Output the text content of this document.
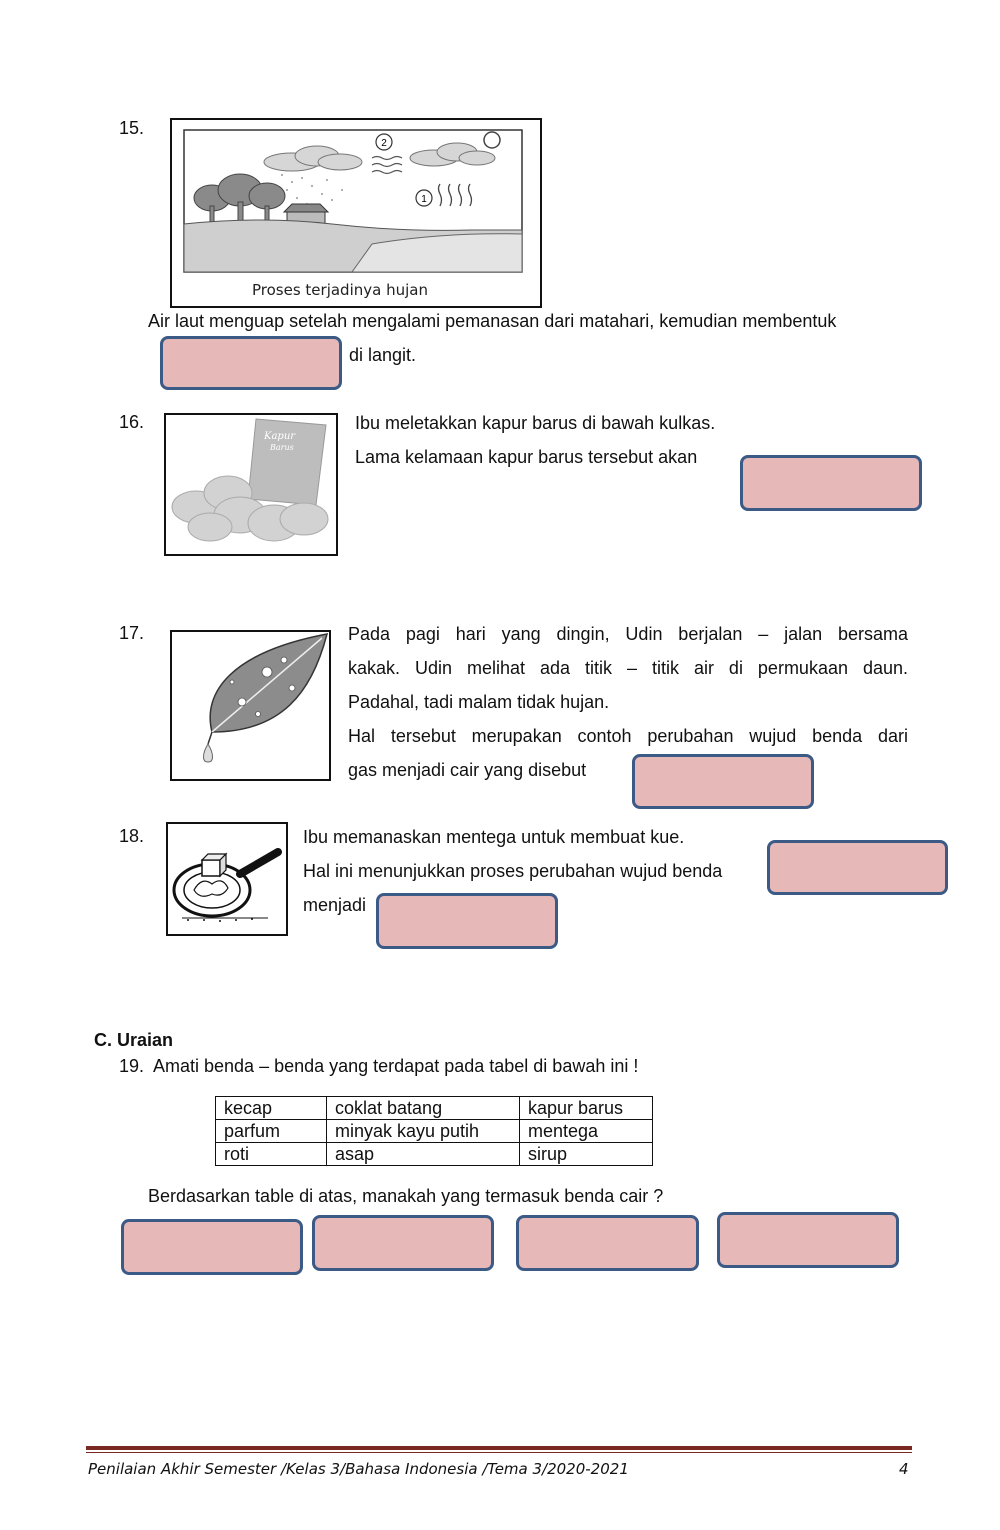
15.
2
1
Proses terjadinya hujan
Air laut menguap setelah mengalami pemanasan dari matahari, kemudian membentuk
di langit.
16.
Kapur
Barus
Ibu meletakkan kapur barus di bawah kulkas.
Lama kelamaan kapur barus tersebut akan
17.	Pada pagi hari yang dingin, Udin berjalan – jalan bersama
kakak. Udin melihat ada titik – titik air di permukaan daun.
Padahal, tadi malam tidak hujan.
Hal tersebut merupakan contoh perubahan wujud benda dari
gas menjadi cair yang disebut
18.	Ibu memanaskan mentega untuk membuat kue.
Hal ini menunjukkan proses perubahan wujud benda
menjadi
C. Uraian
19. Amati benda – benda yang terdapat pada tabel di bawah ini !
kecap	coklat batang	kapur barus
parfum	minyak kayu putih	mentega
roti	asap	sirup
Berdasarkan table di atas, manakah yang termasuk benda cair ?
Penilaian Akhir Semester /Kelas 3/Bahasa Indonesia /Tema 3/2020-2021	4
